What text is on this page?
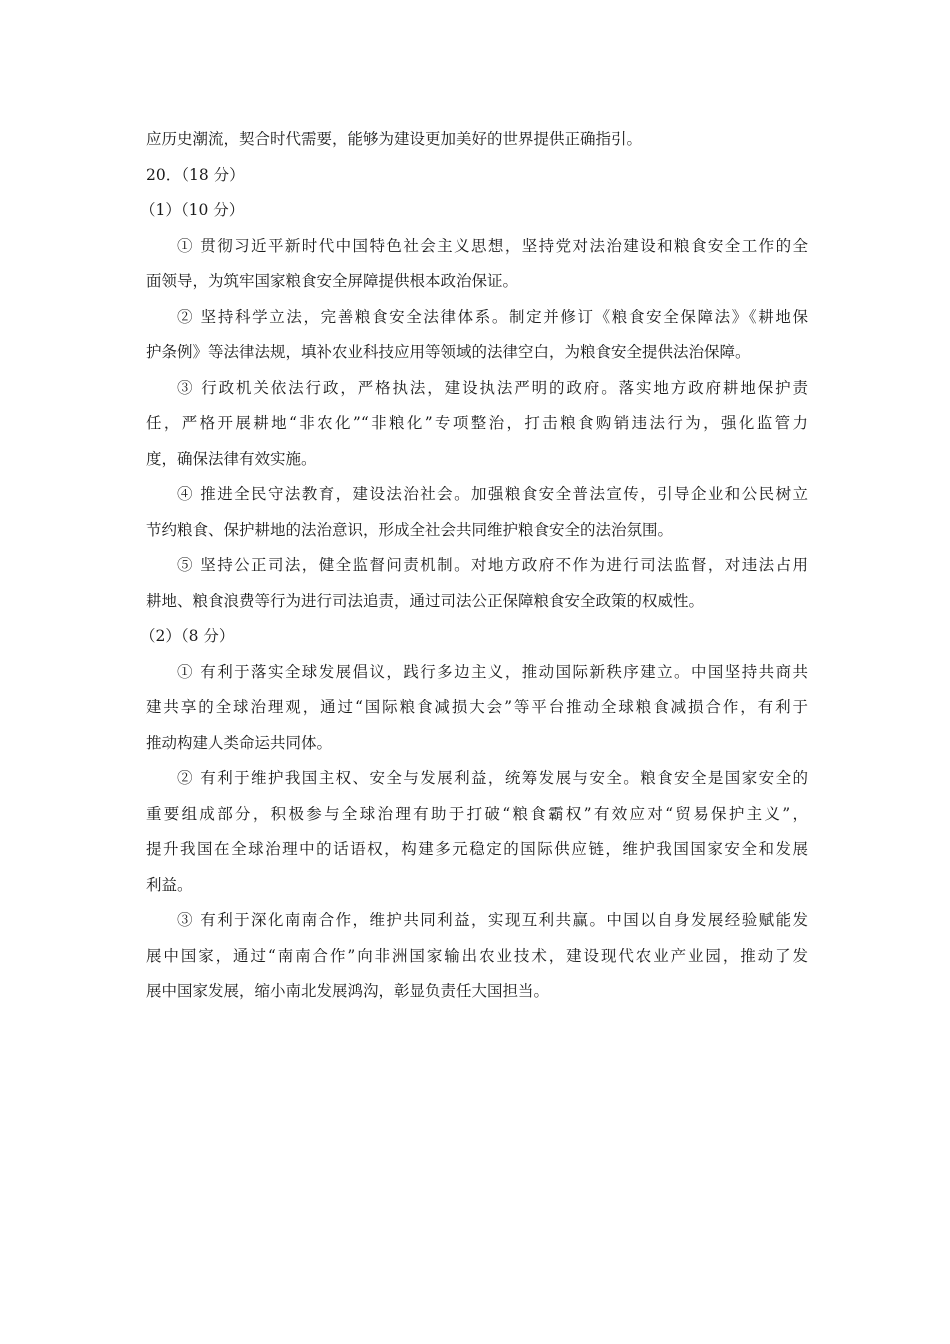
应历史潮流，契合时代需要，能够为建设更加美好的世界提供正确指引。

20．（18 分）

（1）（10 分）

① 贯彻习近平新时代中国特色社会主义思想，坚持党对法治建设和粮食安全工作的全
面领导，为筑牢国家粮食安全屏障提供根本政治保证。
② 坚持科学立法，完善粮食安全法律体系。制定并修订《粮食安全保障法》《耕地保
护条例》等法律法规，填补农业科技应用等领域的法律空白，为粮食安全提供法治保障。
③ 行政机关依法行政，严格执法，建设执法严明的政府。落实地方政府耕地保护责
任，严格开展耕地“非农化”“非粮化”专项整治，打击粮食购销违法行为，强化监管力
度，确保法律有效实施。
④ 推进全民守法教育，建设法治社会。加强粮食安全普法宣传，引导企业和公民树立
节约粮食、保护耕地的法治意识，形成全社会共同维护粮食安全的法治氛围。
⑤ 坚持公正司法，健全监督问责机制。对地方政府不作为进行司法监督，对违法占用
耕地、粮食浪费等行为进行司法追责，通过司法公正保障粮食安全政策的权威性。

（2）（8 分）

① 有利于落实全球发展倡议，践行多边主义，推动国际新秩序建立。中国坚持共商共
建共享的全球治理观，通过“国际粮食减损大会”等平台推动全球粮食减损合作，有利于
推动构建人类命运共同体。
② 有利于维护我国主权、安全与发展利益，统筹发展与安全。粮食安全是国家安全的
重要组成部分，积极参与全球治理有助于打破“粮食霸权”有效应对“贸易保护主义”，
提升我国在全球治理中的话语权，构建多元稳定的国际供应链，维护我国国家安全和发展
利益。
③ 有利于深化南南合作，维护共同利益，实现互利共赢。中国以自身发展经验赋能发
展中国家，通过“南南合作”向非洲国家输出农业技术，建设现代农业产业园，推动了发
展中国家发展，缩小南北发展鸿沟，彰显负责任大国担当。
